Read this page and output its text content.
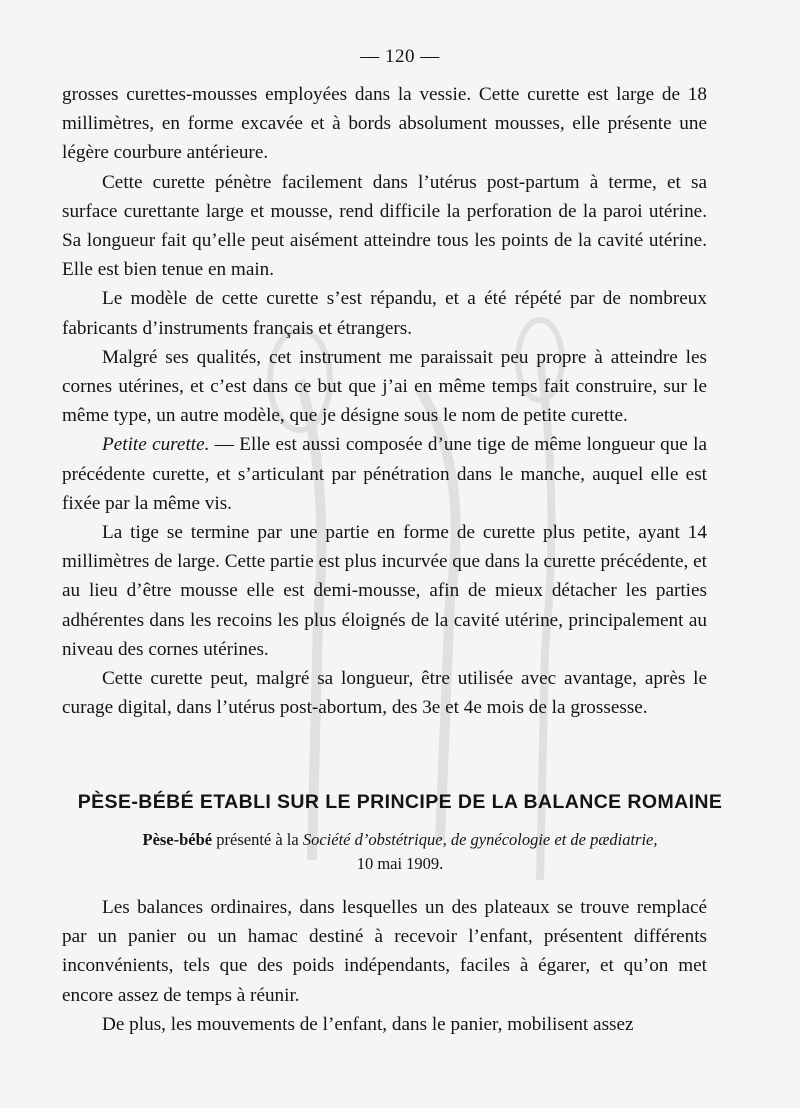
— 120 —

grosses curettes-mousses employées dans la vessie. Cette curette est large de 18 millimètres, en forme excavée et à bords absolument mousses, elle présente une légère courbure antérieure.

Cette curette pénètre facilement dans l’utérus post-partum à terme, et sa surface curettante large et mousse, rend difficile la perforation de la paroi utérine. Sa longueur fait qu’elle peut aisément atteindre tous les points de la cavité utérine. Elle est bien tenue en main.

Le modèle de cette curette s’est répandu, et a été répété par de nombreux fabricants d’instruments français et étrangers.

Malgré ses qualités, cet instrument me paraissait peu propre à atteindre les cornes utérines, et c’est dans ce but que j’ai en même temps fait construire, sur le même type, un autre modèle, que je désigne sous le nom de petite curette.

Petite curette. — Elle est aussi composée d’une tige de même longueur que la précédente curette, et s’articulant par pénétration dans le manche, auquel elle est fixée par la même vis.

La tige se termine par une partie en forme de curette plus petite, ayant 14 millimètres de large. Cette partie est plus incurvée que dans la curette précédente, et au lieu d’être mousse elle est demi-mousse, afin de mieux détacher les parties adhérentes dans les recoins les plus éloignés de la cavité utérine, principalement au niveau des cornes utérines.

Cette curette peut, malgré sa longueur, être utilisée avec avantage, après le curage digital, dans l’utérus post-abortum, des 3e et 4e mois de la grossesse.

PÈSE-BÉBÉ ETABLI SUR LE PRINCIPE DE LA BALANCE ROMAINE
Pèse-bébé présenté à la Société d’obstétrique, de gynécologie et de pædiatrie,
10 mai 1909.

Les balances ordinaires, dans lesquelles un des plateaux se trouve remplacé par un panier ou un hamac destiné à recevoir l’enfant, présentent différents inconvénients, tels que des poids indépendants, faciles à égarer, et qu’on met encore assez de temps à réunir.

De plus, les mouvements de l’enfant, dans le panier, mobilisent assez
